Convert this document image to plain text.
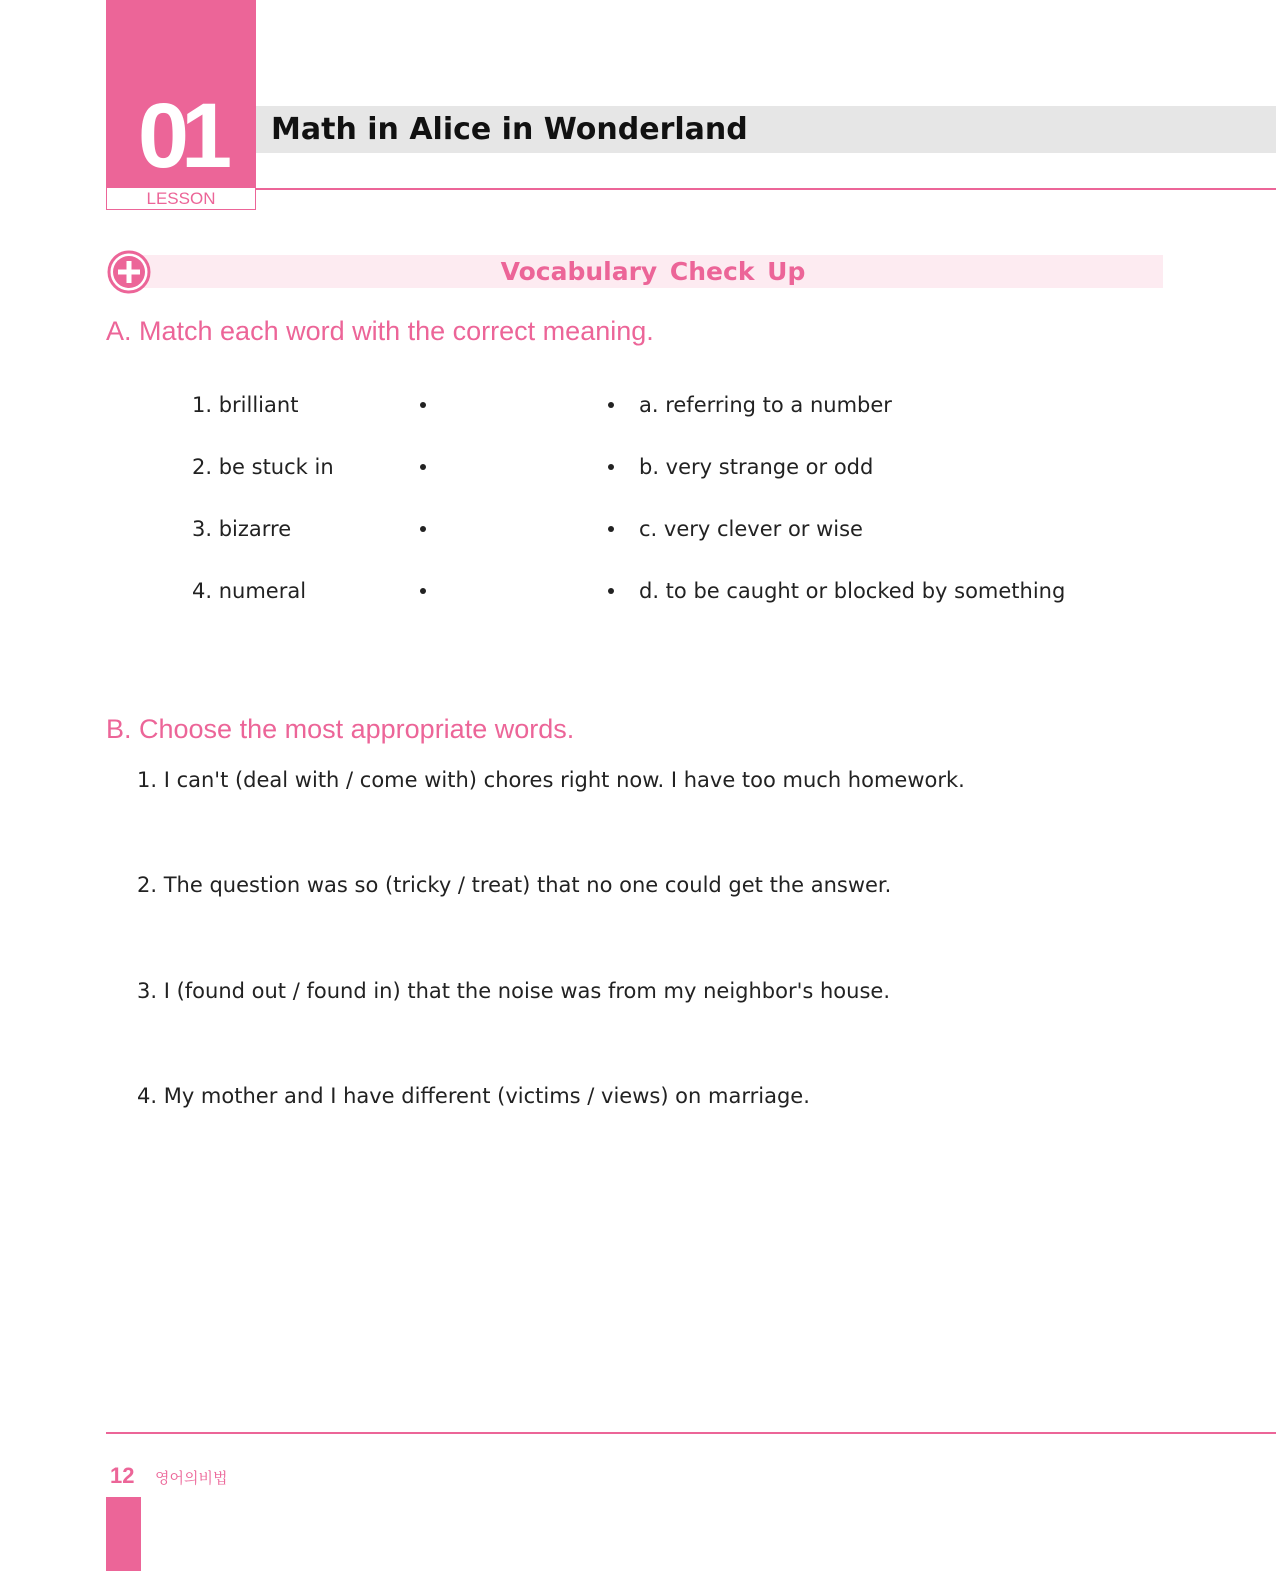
01
LESSON
Math in Alice in Wonderland
Vocabulary Check Up
A. Match each word with the correct meaning.
1. brilliant	a. referring to a number
2. be stuck in	b. very strange or odd
3. bizarre	c. very clever or wise
4. numeral	d. to be caught or blocked by something
B. Choose the most appropriate words.
1. I can't (deal with / come with) chores right now. I have too much homework.
2. The question was so (tricky / treat) that no one could get the answer.
3. I (found out / found in) that the noise was from my neighbor's house.
4. My mother and I have different (victims / views) on marriage.
12 영어의비법
